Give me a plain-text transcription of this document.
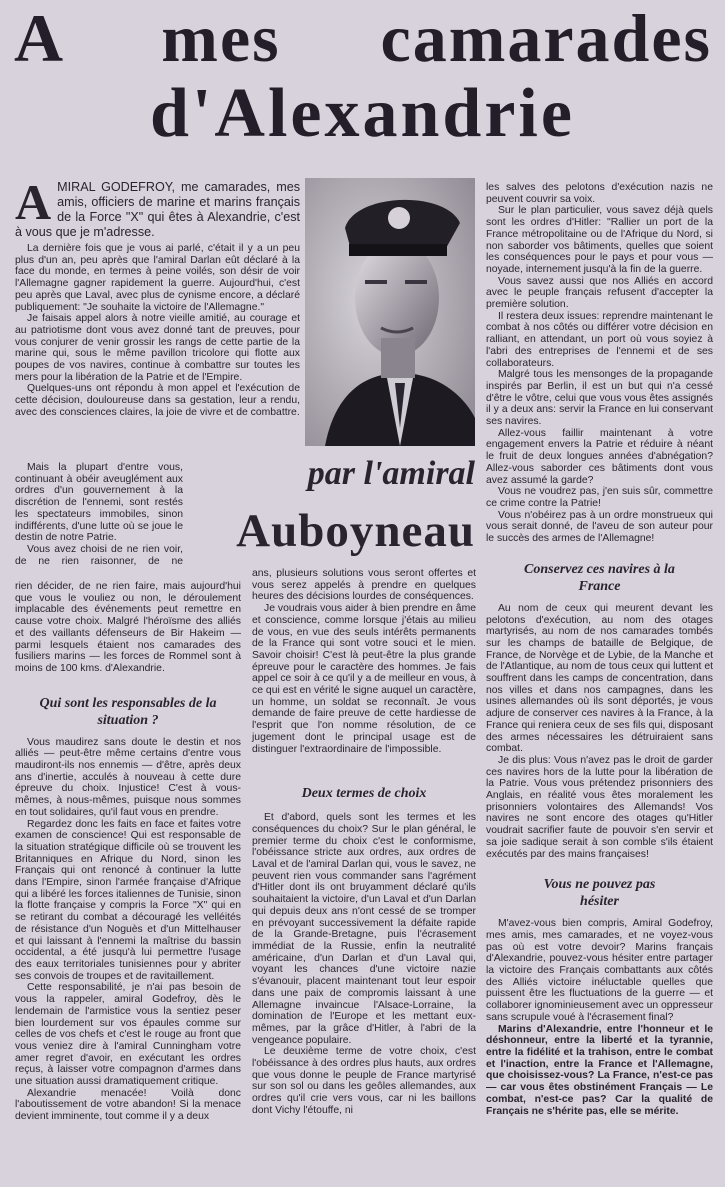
A mes camarades
d'Alexandrie

AMIRAL GODEFROY, me camarades, mes amis, officiers de marine et marins français de la Force "X" qui êtes à Alexandrie, c'est à vous que je m'adresse.

La dernière fois que je vous ai parlé, c'était il y a un peu plus d'un an, peu après que l'amiral Darlan eût déclaré à la face du monde, en termes à peine voilés, son désir de voir l'Allemagne gagner rapidement la guerre. Aujourd'hui, c'est peu après que Laval, avec plus de cynisme encore, a déclaré publiquement: "Je souhaite la victoire de l'Allemagne."

Je faisais appel alors à notre vieille amitié, au courage et au patriotisme dont vous avez donné tant de preuves, pour vous conjurer de venir grossir les rangs de cette partie de la marine qui, sous le même pavillon tricolore qui flotte aux poupes de vos navires, continue à combattre sur toutes les mers pour la libération de la Patrie et de l'Empire.

Quelques-uns ont répondu à mon appel et l'exécution de cette décision, douloureuse dans sa gestation, leur a rendu, avec des consciences claires, la joie de vivre et de combattre.

Mais la plupart d'entre vous, continuant à obéir aveuglément aux ordres d'un gouvernement à la discrétion de l'ennemi, sont restés les spectateurs immobiles, sinon indifférents, d'une lutte où se joue le destin de notre Patrie.

Vous avez choisi de ne rien voir, de ne rien raisonner, de ne

rien décider, de ne rien faire, mais aujourd'hui que vous le vouliez ou non, le déroulement implacable des événements peut remettre en cause votre choix. Malgré l'héroïsme des alliés et des vaillants défenseurs de Bir Hakeim —parmi lesquels étaient nos camarades des fusiliers marins — les forces de Rommel sont à moins de 100 kms. d'Alexandrie.

Qui sont les responsables de la situation ?

Vous maudirez sans doute le destin et nos alliés — peut-être même certains d'entre vous maudiront-ils nos ennemis — d'être, après deux ans d'inertie, acculés à nouveau à cette dure épreuve du choix. Injustice! C'est à vous-mêmes, à nous-mêmes, puisque nous sommes en tout solidaires, qu'il faut vous en prendre.

Regardez donc les faits en face et faites votre examen de conscience! Qui est responsable de la situation stratégique difficile où se trouvent les Britanniques en Afrique du Nord, sinon les Français qui ont renoncé à continuer la lutte dans l'Empire, sinon l'armée française d'Afrique qui a libéré les forces italiennes de Tunisie, sinon la flotte française y compris la Force "X" qui en se retirant du combat a découragé les velléités de résistance d'un Noguès et d'un Mittelhauser et qui laissant à l'ennemi la maîtrise du bassin occidental, a été jusqu'à lui permettre l'usage des eaux territoriales tunisiennes pour y abriter ses convois de troupes et de ravitaillement.

Cette responsabilité, je n'ai pas besoin de vous la rappeler, amiral Godefroy, dès le lendemain de l'armistice vous la sentiez peser bien lourdement sur vos épaules comme sur celles de vos chefs et c'est le rouge au front que vous veniez dire à l'amiral Cunningham votre amer regret d'avoir, en exécutant les ordres reçus, à laisser votre compagnon d'armes dans une situation aussi dramatiquement critique.

Alexandrie menacée! Voilà donc l'aboutissement de votre abandon! Si la menace devient imminente, tout comme il y a deux

par l'amiral
Auboyneau

ans, plusieurs solutions vous seront offertes et vous serez appelés à prendre en quelques heures des décisions lourdes de conséquences.

Je voudrais vous aider à bien prendre en âme et conscience, comme lorsque j'étais au milieu de vous, en vue des seuls intérêts permanents de la France qui sont votre souci et le mien. Savoir choisir! C'est là peut-être la plus grande épreuve pour le caractère des hommes. Je fais appel ce soir à ce qu'il y a de meilleur en vous, à ce qui est en vérité le signe auquel un caractère, un homme, un soldat se reconnaît. Je vous demande de faire preuve de cette hardiesse de l'esprit que l'on nomme résolution, de ce jugement dont le principal usage est de distinguer l'extraordinaire de l'impossible.

Deux termes de choix

Et d'abord, quels sont les termes et les conséquences du choix? Sur le plan général, le premier terme du choix c'est le conformisme, l'obéissance stricte aux ordres, aux ordres de Laval et de l'amiral Darlan qui, vous le savez, ne peuvent rien vous commander sans l'agrément d'Hitler dont ils ont bruyamment déclaré qu'ils souhaitaient la victoire, d'un Laval et d'un Darlan qui depuis deux ans n'ont cessé de se tromper en prévoyant successivement la défaite rapide de la Grande-Bretagne, puis l'écrasement immédiat de la Russie, enfin la neutralité américaine, d'un Darlan et d'un Laval qui, voyant les chances d'une victoire nazie s'évanouir, placent maintenant tout leur espoir dans une paix de compromis laissant à une Allemagne invaincue l'Alsace-Lorraine, la domination de l'Europe et les mettant eux-mêmes, par la grâce d'Hitler, à l'abri de la vengeance populaire.

Le deuxième terme de votre choix, c'est l'obéissance à des ordres plus hauts, aux ordres que vous donne le peuple de France martyrisé sur son sol ou dans les geôles allemandes, aux ordres qu'il crie vers vous, car ni les baillons dont Vichy l'étouffe, ni

les salves des pelotons d'exécution nazis ne peuvent couvrir sa voix.

Sur le plan particulier, vous savez déjà quels sont les ordres d'Hitler: "Rallier un port de la France métropolitaine ou de l'Afrique du Nord, si non saborder vos bâtiments, quelles que soient les conséquences pour le pays et pour vous — noyade, internement jusqu'à la fin de la guerre.

Vous savez aussi que nos Alliés en accord avec le peuple français refusent d'accepter la première solution.

Il restera deux issues: reprendre maintenant le combat à nos côtés ou différer votre décision en ralliant, en attendant, un port où vous soyiez à l'abri des entreprises de l'ennemi et de ses collaborateurs.

Malgré tous les mensonges de la propagande inspirés par Berlin, il est un but qui n'a cessé d'être le vôtre, celui que vous vous êtes assignés il y a deux ans: servir la France en lui conservant ses navires.

Allez-vous faillir maintenant à votre engagement envers la Patrie et réduire à néant le fruit de deux longues années d'abnégation? Allez-vous saborder ces bâtiments dont vous avez assumé la garde?

Vous ne voudrez pas, j'en suis sûr, commettre ce crime contre la Patrie!

Vous n'obéirez pas à un ordre monstrueux qui vous serait donné, de l'aveu de son auteur pour le succès des armes de l'Allemagne!

Conservez ces navires à la France

Au nom de ceux qui meurent devant les pelotons d'exécution, au nom des otages martyrisés, au nom de nos camarades tombés sur les champs de bataille de Belgique, de France, de Norvège et de Lybie, de la Manche et de l'Atlantique, au nom de tous ceux qui luttent et souffrent dans les camps de concentration, dans nos villes et dans nos campagnes, dans les usines allemandes où ils sont déportés, je vous adjure de conserver ces navires à la France, à la France qui reniera ceux de ses fils qui, disposant des armes nécessaires les détruiraient sans combat.

Je dis plus: Vous n'avez pas le droit de garder ces navires hors de la lutte pour la libération de la Patrie. Vous vous prétendez prisonniers des Anglais, en réalité vous êtes moralement les prisonniers volontaires des Allemands! Vos navires ne sont encore des otages qu'Hitler voudrait sacrifier faute de pouvoir s'en servir et sa joie sadique serait à son comble s'ils étaient exécutés par des mains françaises!

Vous ne pouvez pas hésiter

M'avez-vous bien compris, Amiral Godefroy, mes amis, mes camarades, et ne voyez-vous pas où est votre devoir? Marins français d'Alexandrie, pouvez-vous hésiter entre partager la victoire des Français combattants aux côtés des Alliés victoire inéluctable quelles que puissent être les fluctuations de la guerre — et collaborer ignominieusement avec un oppresseur sans scrupule voué à l'écrasement final?

Marins d'Alexandrie, entre l'honneur et le déshonneur, entre la liberté et la tyrannie, entre la fidélité et la trahison, entre le combat et l'inaction, entre la France et l'Allemagne, que choisissez-vous? La France, n'est-ce pas — car vous êtes obstinément Français — Le combat, n'est-ce pas? Car la qualité de Français ne s'hérite pas, elle se mérite.
